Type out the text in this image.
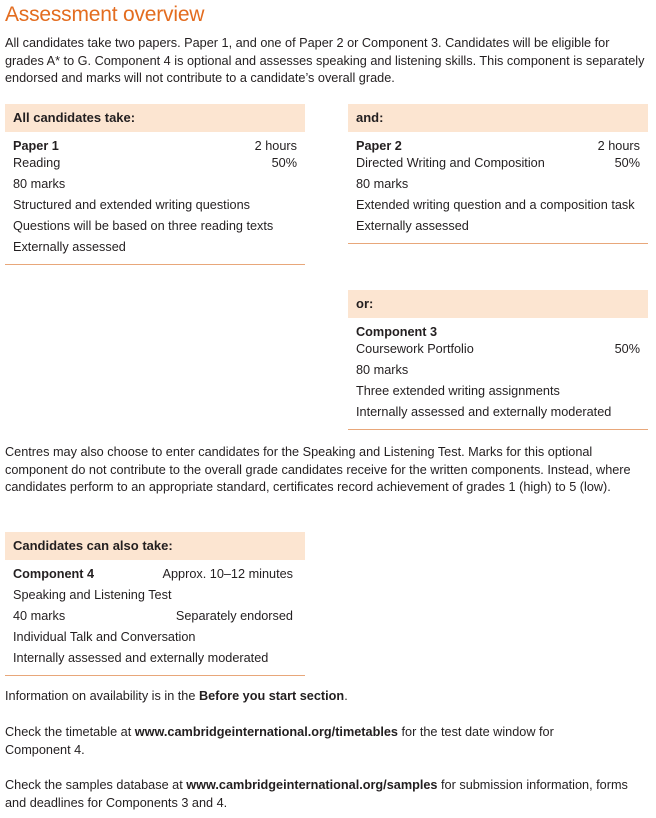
Assessment overview

All candidates take two papers. Paper 1, and one of Paper 2 or Component 3. Candidates will be eligible for grades A* to G. Component 4 is optional and assesses speaking and listening skills. This component is separately endorsed and marks will not contribute to a candidate’s overall grade.

All candidates take:
Paper 1	2 hours
Reading	50%
80 marks
Structured and extended writing questions
Questions will be based on three reading texts
Externally assessed
and:
Paper 2	2 hours
Directed Writing and Composition	50%
80 marks
Extended writing question and a composition task
Externally assessed
or:
Component 3
Coursework Portfolio	50%
80 marks
Three extended writing assignments
Internally assessed and externally moderated

Centres may also choose to enter candidates for the Speaking and Listening Test. Marks for this optional component do not contribute to the overall grade candidates receive for the written components. Instead, where candidates perform to an appropriate standard, certificates record achievement of grades 1 (high) to 5 (low).

Candidates can also take:
Component 4	Approx. 10–12 minutes
Speaking and Listening Test
40 marks	Separately endorsed
Individual Talk and Conversation
Internally assessed and externally moderated

Information on availability is in the Before you start section.

Check the timetable at www.cambridgeinternational.org/timetables for the test date window for Component 4.

Check the samples database at www.cambridgeinternational.org/samples for submission information, forms and deadlines for Components 3 and 4.
